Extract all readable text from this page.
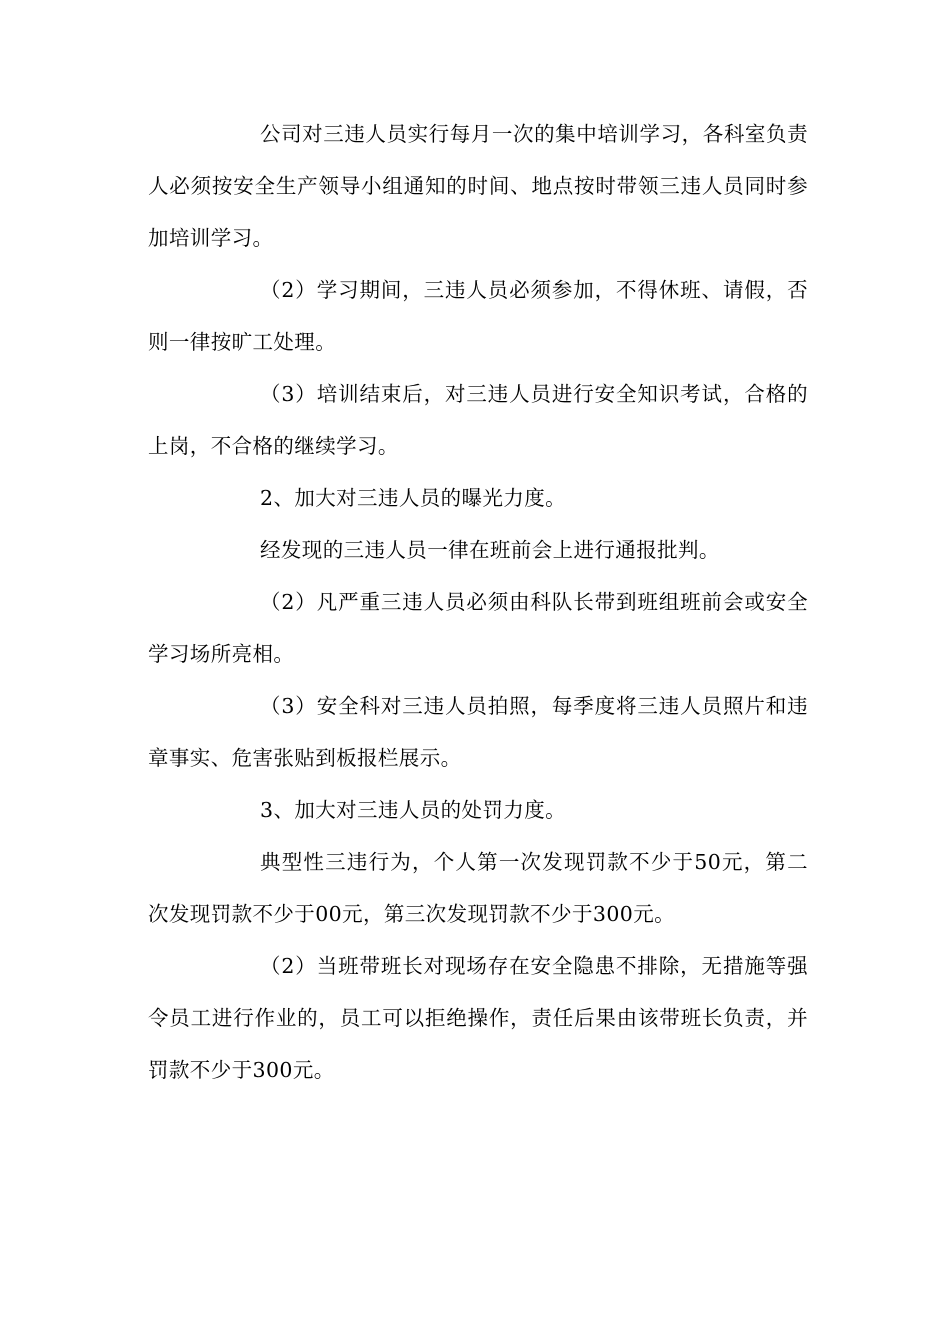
公司对三违人员实行每月一次的集中培训学习，各科室负责人必须按安全生产领导小组通知的时间、地点按时带领三违人员同时参加培训学习。

（2）学习期间，三违人员必须参加，不得休班、请假，否则一律按旷工处理。

（3）培训结束后，对三违人员进行安全知识考试，合格的上岗，不合格的继续学习。

2、加大对三违人员的曝光力度。

经发现的三违人员一律在班前会上进行通报批判。

（2）凡严重三违人员必须由科队长带到班组班前会或安全学习场所亮相。

（3）安全科对三违人员拍照，每季度将三违人员照片和违章事实、危害张贴到板报栏展示。

3、加大对三违人员的处罚力度。

典型性三违行为，个人第一次发现罚款不少于50元，第二次发现罚款不少于00元，第三次发现罚款不少于300元。

（2）当班带班长对现场存在安全隐患不排除，无措施等强令员工进行作业的，员工可以拒绝操作，责任后果由该带班长负责，并罚款不少于300元。
